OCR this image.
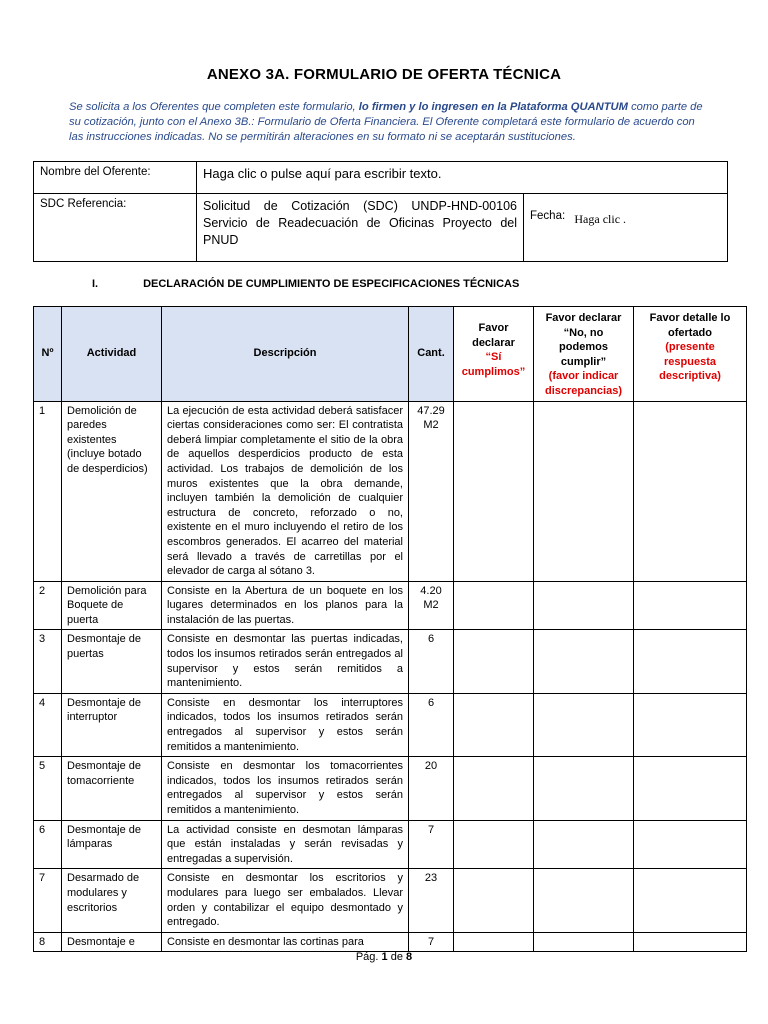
ANEXO 3A. FORMULARIO DE OFERTA TÉCNICA
Se solicita a los Oferentes que completen este formulario, lo firmen y lo ingresen en la Plataforma QUANTUM como parte de su cotización, junto con el Anexo 3B.: Formulario de Oferta Financiera. El Oferente completará este formulario de acuerdo con las instrucciones indicadas. No se permitirán alteraciones en su formato ni se aceptarán sustituciones.
Nombre del Oferente:	Haga clic o pulse aquí para escribir texto.	
SDC Referencia:	Solicitud de Cotización (SDC) UNDP-HND-00106 Servicio de Readecuación de Oficinas Proyecto del PNUD	Fecha: Haga clic .
I.	DECLARACIÓN DE CUMPLIMIENTO DE ESPECIFICACIONES TÉCNICAS
Nº	Actividad	Descripción	Cant.	Favor declarar
“Sí cumplimos”	Favor declarar “No, no podemos cumplir”
(favor indicar discrepancias)	Favor detalle lo ofertado
(presente respuesta descriptiva)
1	Demolición de paredes existentes (incluye botado de desperdicios)	La ejecución de esta actividad deberá satisfacer ciertas consideraciones como ser: El contratista deberá limpiar completamente el sitio de la obra de aquellos desperdicios producto de esta actividad. Los trabajos de demolición de los muros existentes que la obra demande, incluyen también la demolición de cualquier estructura de concreto, reforzado o no, existente en el muro incluyendo el retiro de los escombros generados. El acarreo del material será llevado a través de carretillas por el elevador de carga al sótano 3.	47.29 M2			
2	Demolición para Boquete de puerta	Consiste en la Abertura de un boquete en los lugares determinados en los planos para la instalación de las puertas.	4.20 M2			
3	Desmontaje de puertas	Consiste en desmontar las puertas indicadas, todos los insumos retirados serán entregados al supervisor y estos serán remitidos a mantenimiento.	6			
4	Desmontaje de interruptor	Consiste en desmontar los interruptores indicados, todos los insumos retirados serán entregados al supervisor y estos serán remitidos a mantenimiento.	6			
5	Desmontaje de tomacorriente	Consiste en desmontar los tomacorrientes indicados, todos los insumos retirados serán entregados al supervisor y estos serán remitidos a mantenimiento.	20			
6	Desmontaje de lámparas	La actividad consiste en desmotan lámparas que están instaladas y serán revisadas y entregadas a supervisión.	7			
7	Desarmado de modulares y escritorios	Consiste en desmontar los escritorios y modulares para luego ser embalados. Llevar orden y contabilizar el equipo desmontado y entregado.	23			
8	Desmontaje e	Consiste en desmontar las cortinas para	7			
Pág. 1 de 8
